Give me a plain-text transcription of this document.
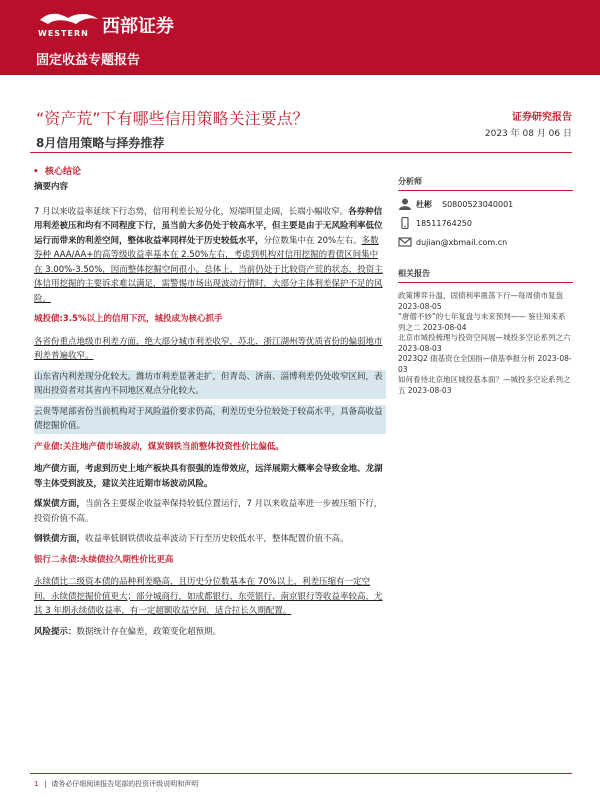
WESTERN 西部证券
固定收益专题报告
“资产荒”下有哪些信用策略关注要点？
8月信用策略与择券推荐
证券研究报告
2023 年 08 月 06 日
• 核心结论

摘要内容

7 月以来收益率延续下行态势，信用利差长短分化，短端明显走阔，长端小幅收窄。各券种信用利差被压和均有不同程度下行，虽当前大多仍处于较高水平，但主要是由于无风险利率低位运行而带来的利差空间，整体收益率同样处于历史较低水平，分位数集中在 20%左右。多数券种 AAA/AA+的高等级收益率基本在 2.50%左右，考虑到机构对信用挖掘的看债区间集中在 3.00%-3.50%，因而整体挖掘空间很小。总体上，当前仍处于比较资产荒的状态，投资主体信用挖掘的主要诉求难以满足，需警惕市场出现波动行情时，大部分主体利差保护不足的风险。

城投债:3.5%以上的信用下沉，城投成为核心抓手

各省份重点地级市利差方面，绝大部分城市利差收窄，苏北、浙江湖州等优质省份的偏弱地市利差普遍收窄。

山东省内利差现分化较大。潍坊市利差显著走扩，但青岛、济南、淄博利差仍处收窄区间，表现出投资者对其省内不同地区观点分化较大。

云贵等尾部省份当前机构对于风险溢价要求仍高，利差历史分位较处于较高水平，具备高收益债挖掘价值。

产业债:关注地产债市场波动，煤炭钢铁当前整体投资性价比偏低。

地产债方面，考虑到历史上地产板块具有很强的连带效应，远洋展期大概率会导致金地、龙湖等主体受到波及，建议关注近期市场波动风险。

煤炭债方面，当前各主要煤企收益率保持较低位置运行，7 月以来收益率进一步被压缩下行，投资价值不高。

钢铁债方面，收益率低钢铁债收益率波动下行至历史较低水平，整体配置价值不高。

银行二永债:永续债拉久期性价比更高

永续债比二级资本债的品种利差略高，且历史分位数基本在 70%以上，利差压缩有一定空间，永续债挖掘价值更大；部分城商行，如成都银行、东莞银行、南京银行等收益率较高，尤其 3 年期永续债收益率，有一定超额收益空间，适合拉长久期配置。

风险提示：数据统计存在偏差，政策变化超预期。

分析师
杜彬 S0800523040001
18511764250
dujian@xbmail.com.cn
相关报告

政策博弈升温，固债利率震荡下行—每周债市复盘 2023-08-05

“唐僧不妙”的七年复盘与未来预判—— 鉴往知来系列之二 2023-08-04

北京市城投梳理与投资空间展—城投多空论系列之六 2023-08-03

2023Q2 债基资仓全国指—债基季报分析 2023-08-03

如何看待北京地区城投基本面？—城投多空论系列之五 2023-08-03

1 |  请务必仔细阅读报告尾部的投资评级说明和声明
